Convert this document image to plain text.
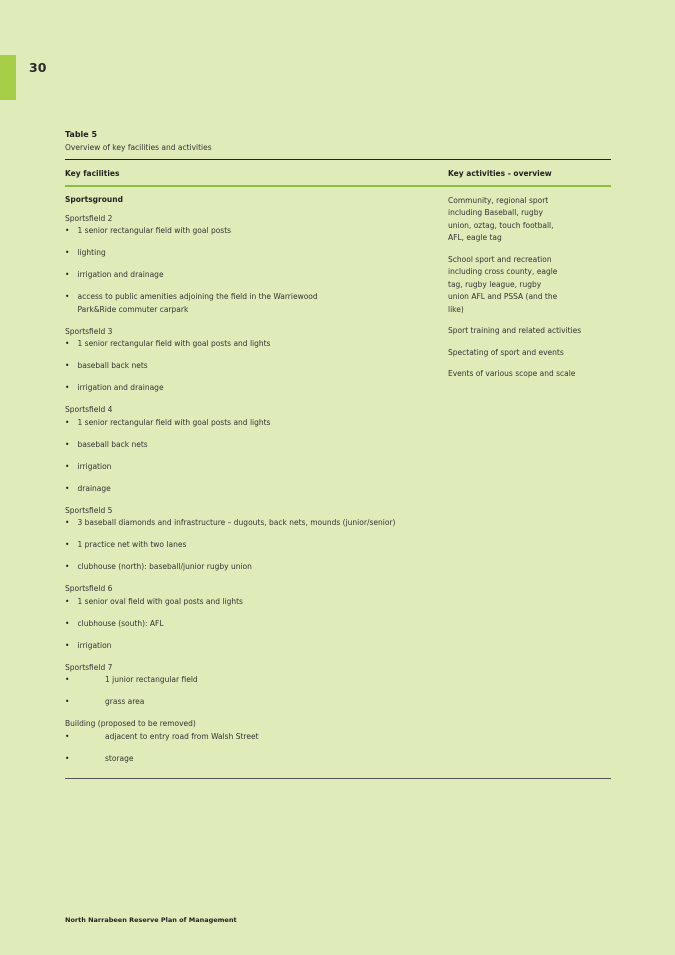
30
Table 5
Overview of key facilities and activities
Key facilities	Key activities - overview
Sportsground
Sportsfield 2
• 1 senior rectangular field with goal posts
• lighting
• irrigation and drainage
• access to public amenities adjoining the field in the Warriewood Park&Ride commuter carpark
Sportsfield 3
• 1 senior rectangular field with goal posts and lights
• baseball back nets
• irrigation and drainage
Sportsfield 4
• 1 senior rectangular field with goal posts and lights
• baseball back nets
• irrigation
• drainage
Sportsfield 5
• 3 baseball diamonds and infrastructure – dugouts, back nets, mounds (junior/senior)
• 1 practice net with two lanes
• clubhouse (north): baseball/junior rugby union
Sportsfield 6
• 1 senior oval field with goal posts and lights
• clubhouse (south): AFL
• irrigation
Sportsfield 7
• 1 junior rectangular field
• grass area
Building (proposed to be removed)
• adjacent to entry road from Walsh Street
• storage
Community, regional sport including Baseball, rugby union, oztag, touch football, AFL, eagle tag
School sport and recreation including cross county, eagle tag, rugby league, rugby union AFL and PSSA (and the like)
Sport training and related activities
Spectating of sport and events
Events of various scope and scale
North Narrabeen Reserve Plan of Management
